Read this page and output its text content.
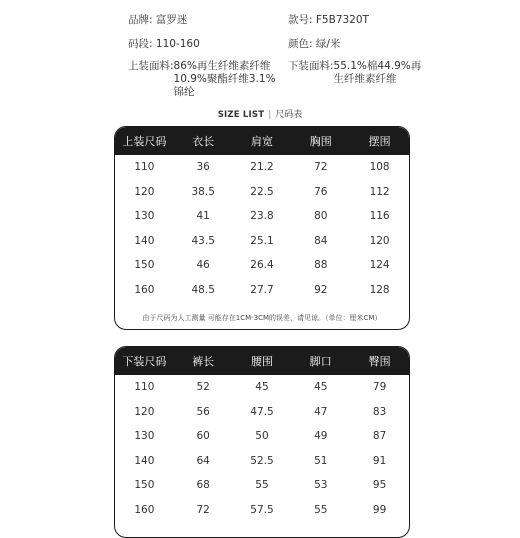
品牌: 富罗迷	款号: F5B7320T
码段: 110-160	颜色: 绿/米
上装面料:86%再生纤维素纤维10.9%聚酯纤维3.1%锦纶
下装面料:55.1%棉44.9%再生纤维素纤维
SIZE LIST | 尺码表
上装尺码	衣长	肩宽	胸围	摆围
110	36	21.2	72	108
120	38.5	22.5	76	112
130	41	23.8	80	116
140	43.5	25.1	84	120
150	46	26.4	88	124
160	48.5	27.7	92	128
由于尺码为人工测量 可能存在1CM-3CM的误差，请见谅。（单位：厘米CM）
下装尺码	裤长	腰围	脚口	臀围
110	52	45	45	79
120	56	47.5	47	83
130	60	50	49	87
140	64	52.5	51	91
150	68	55	53	95
160	72	57.5	55	99
